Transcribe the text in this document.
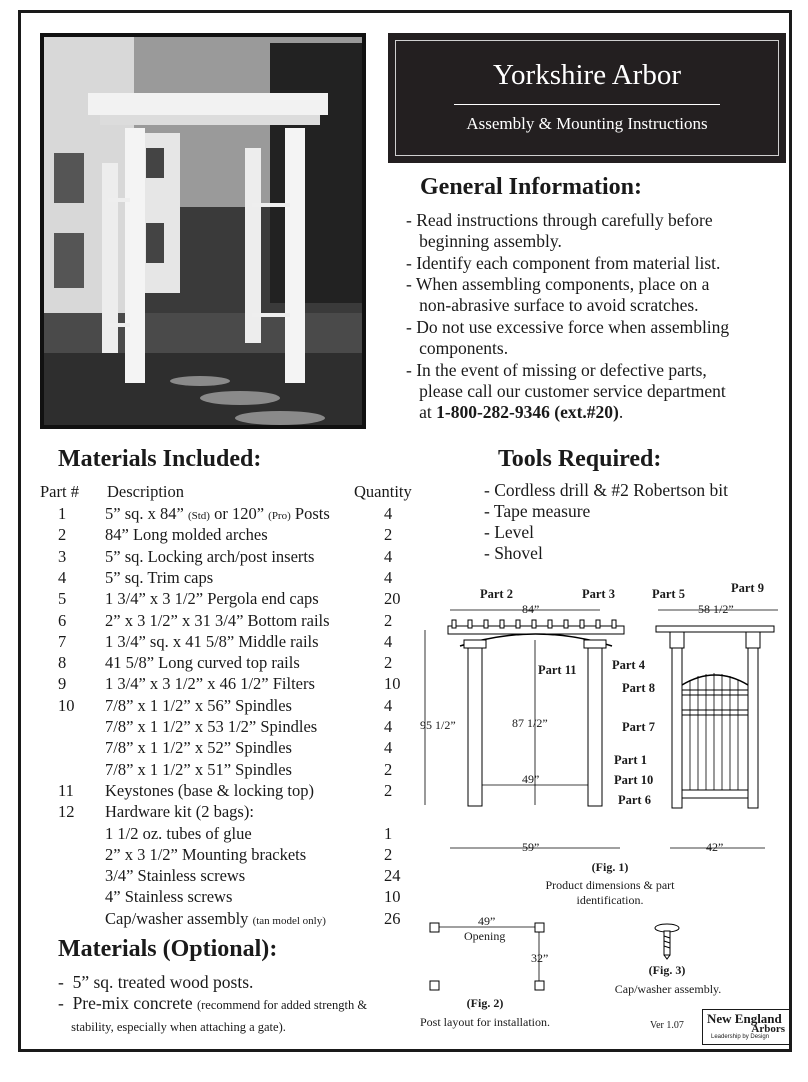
Yorkshire Arbor
Assembly & Mounting Instructions
General Information:
- Read instructions through carefully before
beginning assembly.
- Identify each component from material list.
- When assembling components, place on a
non-abrasive surface to avoid scratches.
- Do not use excessive force when assembling
components.
- In the event of missing or defective parts,
please call our customer service department
at 1-800-282-9346 (ext.#20).
Materials Included:
Part # Description	Quantity
1 5” sq. x 84” (Std) or 120” (Pro) Posts	4
2 84” Long molded arches	2
3 5” sq. Locking arch/post inserts	4
4 5” sq. Trim caps	4
5 1 3/4” x 3 1/2” Pergola end caps	20
6 2” x 3 1/2” x 31 3/4” Bottom rails	2
7 1 3/4” sq. x 41 5/8” Middle rails	4
8 41 5/8” Long curved top rails	2
9 1 3/4” x 3 1/2” x 46 1/2” Filters	10
10 7/8” x 1 1/2” x 56” Spindles	4
7/8” x 1 1/2” x 53 1/2” Spindles	4
7/8” x 1 1/2” x 52” Spindles	4
7/8” x 1 1/2” x 51” Spindles	2
11 Keystones (base & locking top)	2
12 Hardware kit (2 bags):
1 1/2 oz. tubes of glue	1
2” x 3 1/2” Mounting brackets	2
3/4” Stainless screws	24
4” Stainless screws	10
Cap/washer assembly (tan model only)	26
Tools Required:
- Cordless drill & #2 Robertson bit
- Tape measure
- Level
- Shovel
Materials (Optional):
-  5” sq. treated wood posts.
-  Pre-mix concrete (recommend for added strength &
stability, especially when attaching a gate).
Part 2	Part 3
Part 11
Part 5	Part 9
Part 4
Part 8
Part 7
Part 1
Part 10
Part 6
84”
95 1/2”	87 1/2”
49”
59”
58 1/2”
42”
(Fig. 1)
Product dimensions & part
identification.
49”
Opening
32”
(Fig. 2)
Post layout for installation.
(Fig. 3)
Cap/washer assembly.
Ver 1.07	New England
Arbors
Leadership by Design
